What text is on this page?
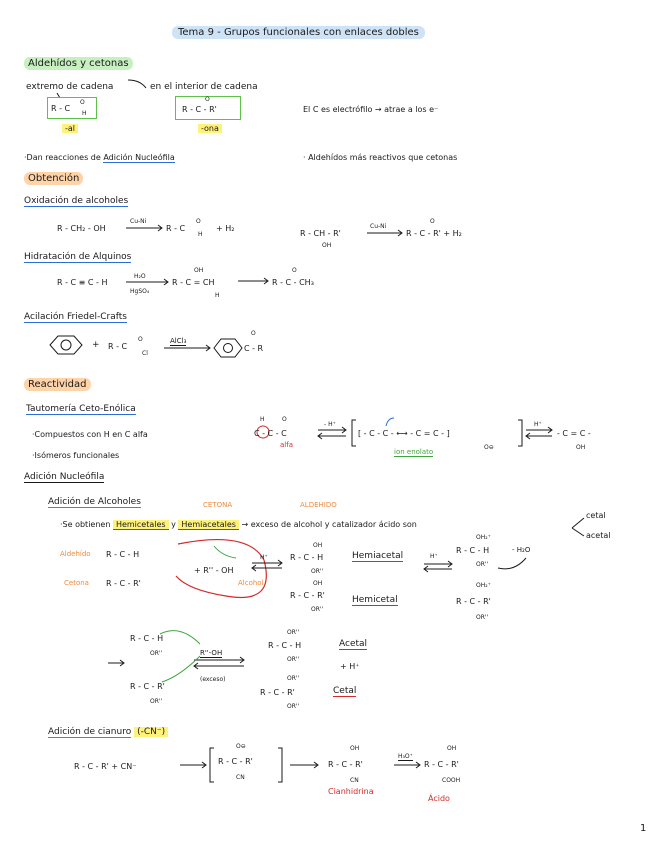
Tema 9 - Grupos funcionales con enlaces dobles
Aldehídos y cetonas
extremo de cadena	en el interior de cadena
R - C
O
H
-al
O
R - C - R'
-ona
El C es electrófilo → atrae a los e⁻
·Dan reacciones de Adición Nucleófila	· Aldehídos más reactivos que cetonas
Obtención
Oxidación de alcoholes
R - CH₂ - OH
Cu-Ni
R - C
O
H
+ H₂
R - CH - R'
OH
Cu-Ni
O
R - C - R' + H₂
Hidratación de Alquinos
R - C ≡ C - H
H₂O
HgSO₄
OH
R - C = CH
H
O
R - C - CH₃
Acilación Friedel-Crafts
+ R - C
O
Cl
AlCl₃
O
C - R
Reactividad
Tautomería Ceto-Enólica
·Compuestos con H en C alfa
·Isómeros funcionales
H	O
C - C - C
alfa
- H⁺
[ - C - C - ⟷ - C = C - ]
ion enolato
O⊖
H⁺
- C = C -
OH
Adición Nucleófila
Adición de Alcoholes	CETONA	ALDEHIDO
·Se obtienen Hemicetales y Hemiacetales → exceso de alcohol y catalizador ácido son
cetal
acetal
Aldehído R - C - H
Cetona R - C - R'
+ R'' - OH
Alcohol
H⁺
OH
R - C - H
OR''
Hemiacetal
OH
R - C - R'
OR''
Hemicetal
H⁺
OH₂⁺
R - C - H	- H₂O
OR''
OH₂⁺
R - C - R'
OR''
R - C - H
OR''
R - C - R'
OR''
R''-OH
(exceso)
OR''
R - C - H
OR''
Acetal
+ H⁺
OR''
R - C - R'
OR''
Cetal
Adición de cianuro (-CN⁻)
R - C - R' + CN⁻
O⊖
R - C - R'
CN
OH
R - C - R'
CN
Cianhidrina
H₃O⁺
OH
R - C - R'
COOH
Ácido
1
